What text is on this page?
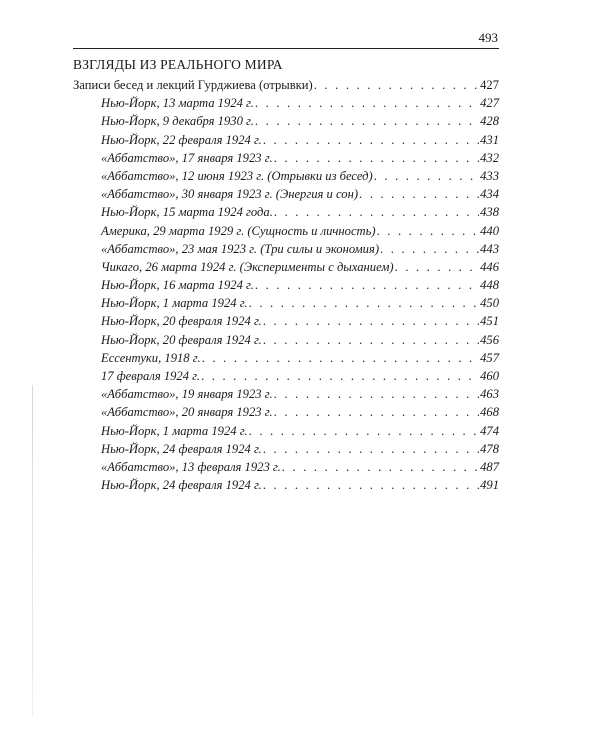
493
ВЗГЛЯДЫ ИЗ РЕАЛЬНОГО МИРА
Записи бесед и лекций Гурджиева (отрывки) . . .	427
Нью-Йорк, 13 марта 1924 г. . . .	427
Нью-Йорк, 9 декабря 1930 г. . . .	428
Нью-Йорк, 22 февраля 1924 г. . . .	431
«Аббатство», 17 января 1923 г. . . .	432
«Аббатство», 12 июня 1923 г. (Отрывки из бесед) . . .	433
«Аббатство», 30 января 1923 г. (Энергия и сон) . . .	434
Нью-Йорк, 15 марта 1924 года. . . .	438
Америка, 29 марта 1929 г. (Сущность и личность) . . .	440
«Аббатство», 23 мая 1923 г. (Три силы и экономия) . . .	443
Чикаго, 26 марта 1924 г. (Эксперименты с дыханием) . . .	446
Нью-Йорк, 16 марта 1924 г. . . .	448
Нью-Йорк, 1 марта 1924 г. . . .	450
Нью-Йорк, 20 февраля 1924 г. . . .	451
Нью-Йорк, 20 февраля 1924 г. . . .	456
Ессентуки, 1918 г. . . .	457
17 февраля 1924 г. . . .	460
«Аббатство», 19 января 1923 г. . . .	463
«Аббатство», 20 января 1923 г. . . .	468
Нью-Йорк, 1 марта 1924 г. . . .	474
Нью-Йорк, 24 февраля 1924 г. . . .	478
«Аббатство», 13 февраля 1923 г. . . .	487
Нью-Йорк, 24 февраля 1924 г. . . .	491
